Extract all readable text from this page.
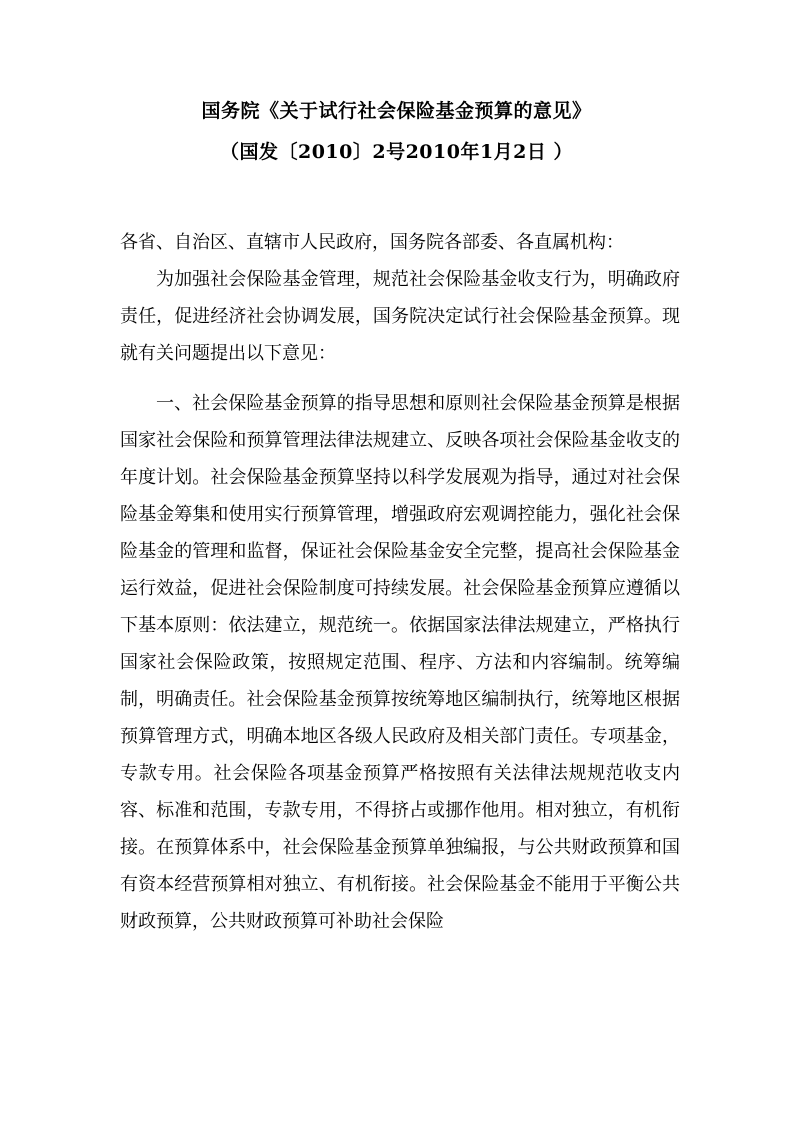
国务院《关于试行社会保险基金预算的意见》
（国发〔2010〕2号2010年1月2日 ）

各省、自治区、直辖市人民政府，国务院各部委、各直属机构：

为加强社会保险基金管理，规范社会保险基金收支行为，明确政府责任，促进经济社会协调发展，国务院决定试行社会保险基金预算。现就有关问题提出以下意见：

一、社会保险基金预算的指导思想和原则社会保险基金预算是根据国家社会保险和预算管理法律法规建立、反映各项社会保险基金收支的年度计划。社会保险基金预算坚持以科学发展观为指导，通过对社会保险基金筹集和使用实行预算管理，增强政府宏观调控能力，强化社会保险基金的管理和监督，保证社会保险基金安全完整，提高社会保险基金运行效益，促进社会保险制度可持续发展。社会保险基金预算应遵循以下基本原则：依法建立，规范统一。依据国家法律法规建立，严格执行国家社会保险政策，按照规定范围、程序、方法和内容编制。统筹编制，明确责任。社会保险基金预算按统筹地区编制执行，统筹地区根据预算管理方式，明确本地区各级人民政府及相关部门责任。专项基金，专款专用。社会保险各项基金预算严格按照有关法律法规规范收支内容、标准和范围，专款专用，不得挤占或挪作他用。相对独立，有机衔接。在预算体系中，社会保险基金预算单独编报，与公共财政预算和国有资本经营预算相对独立、有机衔接。社会保险基金不能用于平衡公共财政预算，公共财政预算可补助社会保险
